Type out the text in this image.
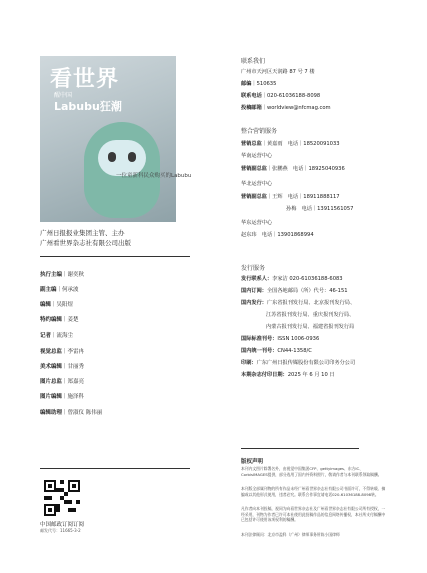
看世界
醒中国
Labubu狂潮
一位童新科民众购买的Labubu
广州日报报业集团主管、主办
广州看世界杂志社有限公司出版
执行主编｜谢奕秋
副主编｜何承波
编辑｜吴阳煜
特约编辑｜姜楚
记者｜流海尘
视觉总监｜李雷冉
美术编辑｜甘丽秀
图片总监｜郑嘉亮
图片编辑｜施泽科
编辑助理｜曾淑仪 陈伟丽
中国邮政订阅订阅
邮发代号：11665-3-2
联系我们
广州市天河区天润路 87 号 7 楼
邮编｜510635
联系电话｜020-61036188-8098
投稿邮箱｜worldview@nfcmag.com
整合营销服务
营销总监｜黄嘉雨　电话｜18520091033
华南运营中心
营销副总监｜张鹏燕　电话｜18925040936
华北运营中心
营销副总监｜王辉　电话｜18911888117
孙梅　电话｜13911561057
华东运营中心
赵东玮　电话｜13901868994
发行服务
发行联系人：李家洁 020-61036188-6083
国内订阅：全国各地邮局（所）代号：46-151
国内发行：广东省报刊发行局、北京报刊发行局、
江苏省报刊发行局、重庆报刊发行局、
内蒙古报刊发行局、福建省报刊发行局
国际标准刊号：ISSN 1006-0936
国内统一刊号：CN44-1358/C
印刷：广东广州日报传媒股份有限公司印务分公司
本期杂志付印日期：2025 年 6 月 10 日
版权声明
本刊内文图片除署名外，由视觉中国集团CFP、gettyimages、东方IC、CorbisIMAGES提供，部分选用了国内外资料照片，敬请作者与本刊联系领取稿酬。
本刊版全部属刊物的所有作品未经广州看世界杂志社有限公司书面许可，不得转载、摘编或以其他形式使用，违者必究。联系合作事宜请电话020-61036188-8098转。
凡作者向本刊投稿，视同为向看世界杂志社及广州看世界杂志社有限公司所有授权，一经采用，刊物为作者已许可本社使用此投稿作品的信息网络传播权，本社所支付稿酬中已包括许可使用该项权利的稿酬。
本刊法律顾问：北京市盈科（广州）律师事务所陈小国律师
